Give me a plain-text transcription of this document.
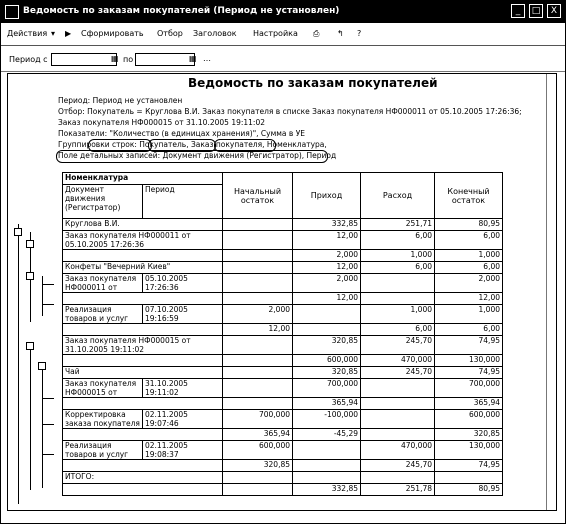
Ведомость по заказам покупателей (Период не установлен)	_	□	X
Действия ▾ ▶ Сформировать Отбор Заголовок Настройка ⎙ ↰ ?
Период с	▦ по	▦ …
Ведомость по заказам покупателей
Период: Период не установлен
Отбор: Покупатель = Круглова В.И. Заказ покупателя в списке Заказ покупателя НФ000011 от 05.10.2005 17:26:36;
Заказ покупателя НФ000015 от 31.10.2005 19:11:02
Показатели: "Количество (в единицах хранения)", Сумма в УЕ
Группировки строк: Покупатель, Заказ покупателя, Номенклатура,
Поле детальных записей: Документ движения (Регистратор), Период
Номенклатура		Начальный остаток	Приход	Расход	Конечный остаток
Документ движения (Регистратор)	Период				
Круглова В.И.			332,85	251,71	80,95
Заказ покупателя НФ000011 от 05.10.2005 17:26:36			12,00	6,00	6,00
			2,000	1,000	1,000
Конфеты "Вечерний Киев"			12,00	6,00	6,00
Заказ покупателя НФ000011 от	05.10.2005 17:26:36		2,000		2,000
			12,00		12,00
Реализация товаров и услуг	07.10.2005 19:16:59	2,000		1,000	1,000
		12,00		6,00	6,00
Заказ покупателя НФ000015 от 31.10.2005 19:11:02			320,85	245,70	74,95
			600,000	470,000	130,000
Чай			320,85	245,70	74,95
Заказ покупателя НФ000015 от	31.10.2005 19:11:02		700,000		700,000
			365,94		365,94
Корректировка заказа покупателя	02.11.2005 19:07:46	700,000	-100,000		600,000
		365,94	-45,29		320,85
Реализация товаров и услуг	02.11.2005 19:08:37	600,000		470,000	130,000
		320,85		245,70	74,95
ИТОГО:					
			332,85	251,78	80,95
